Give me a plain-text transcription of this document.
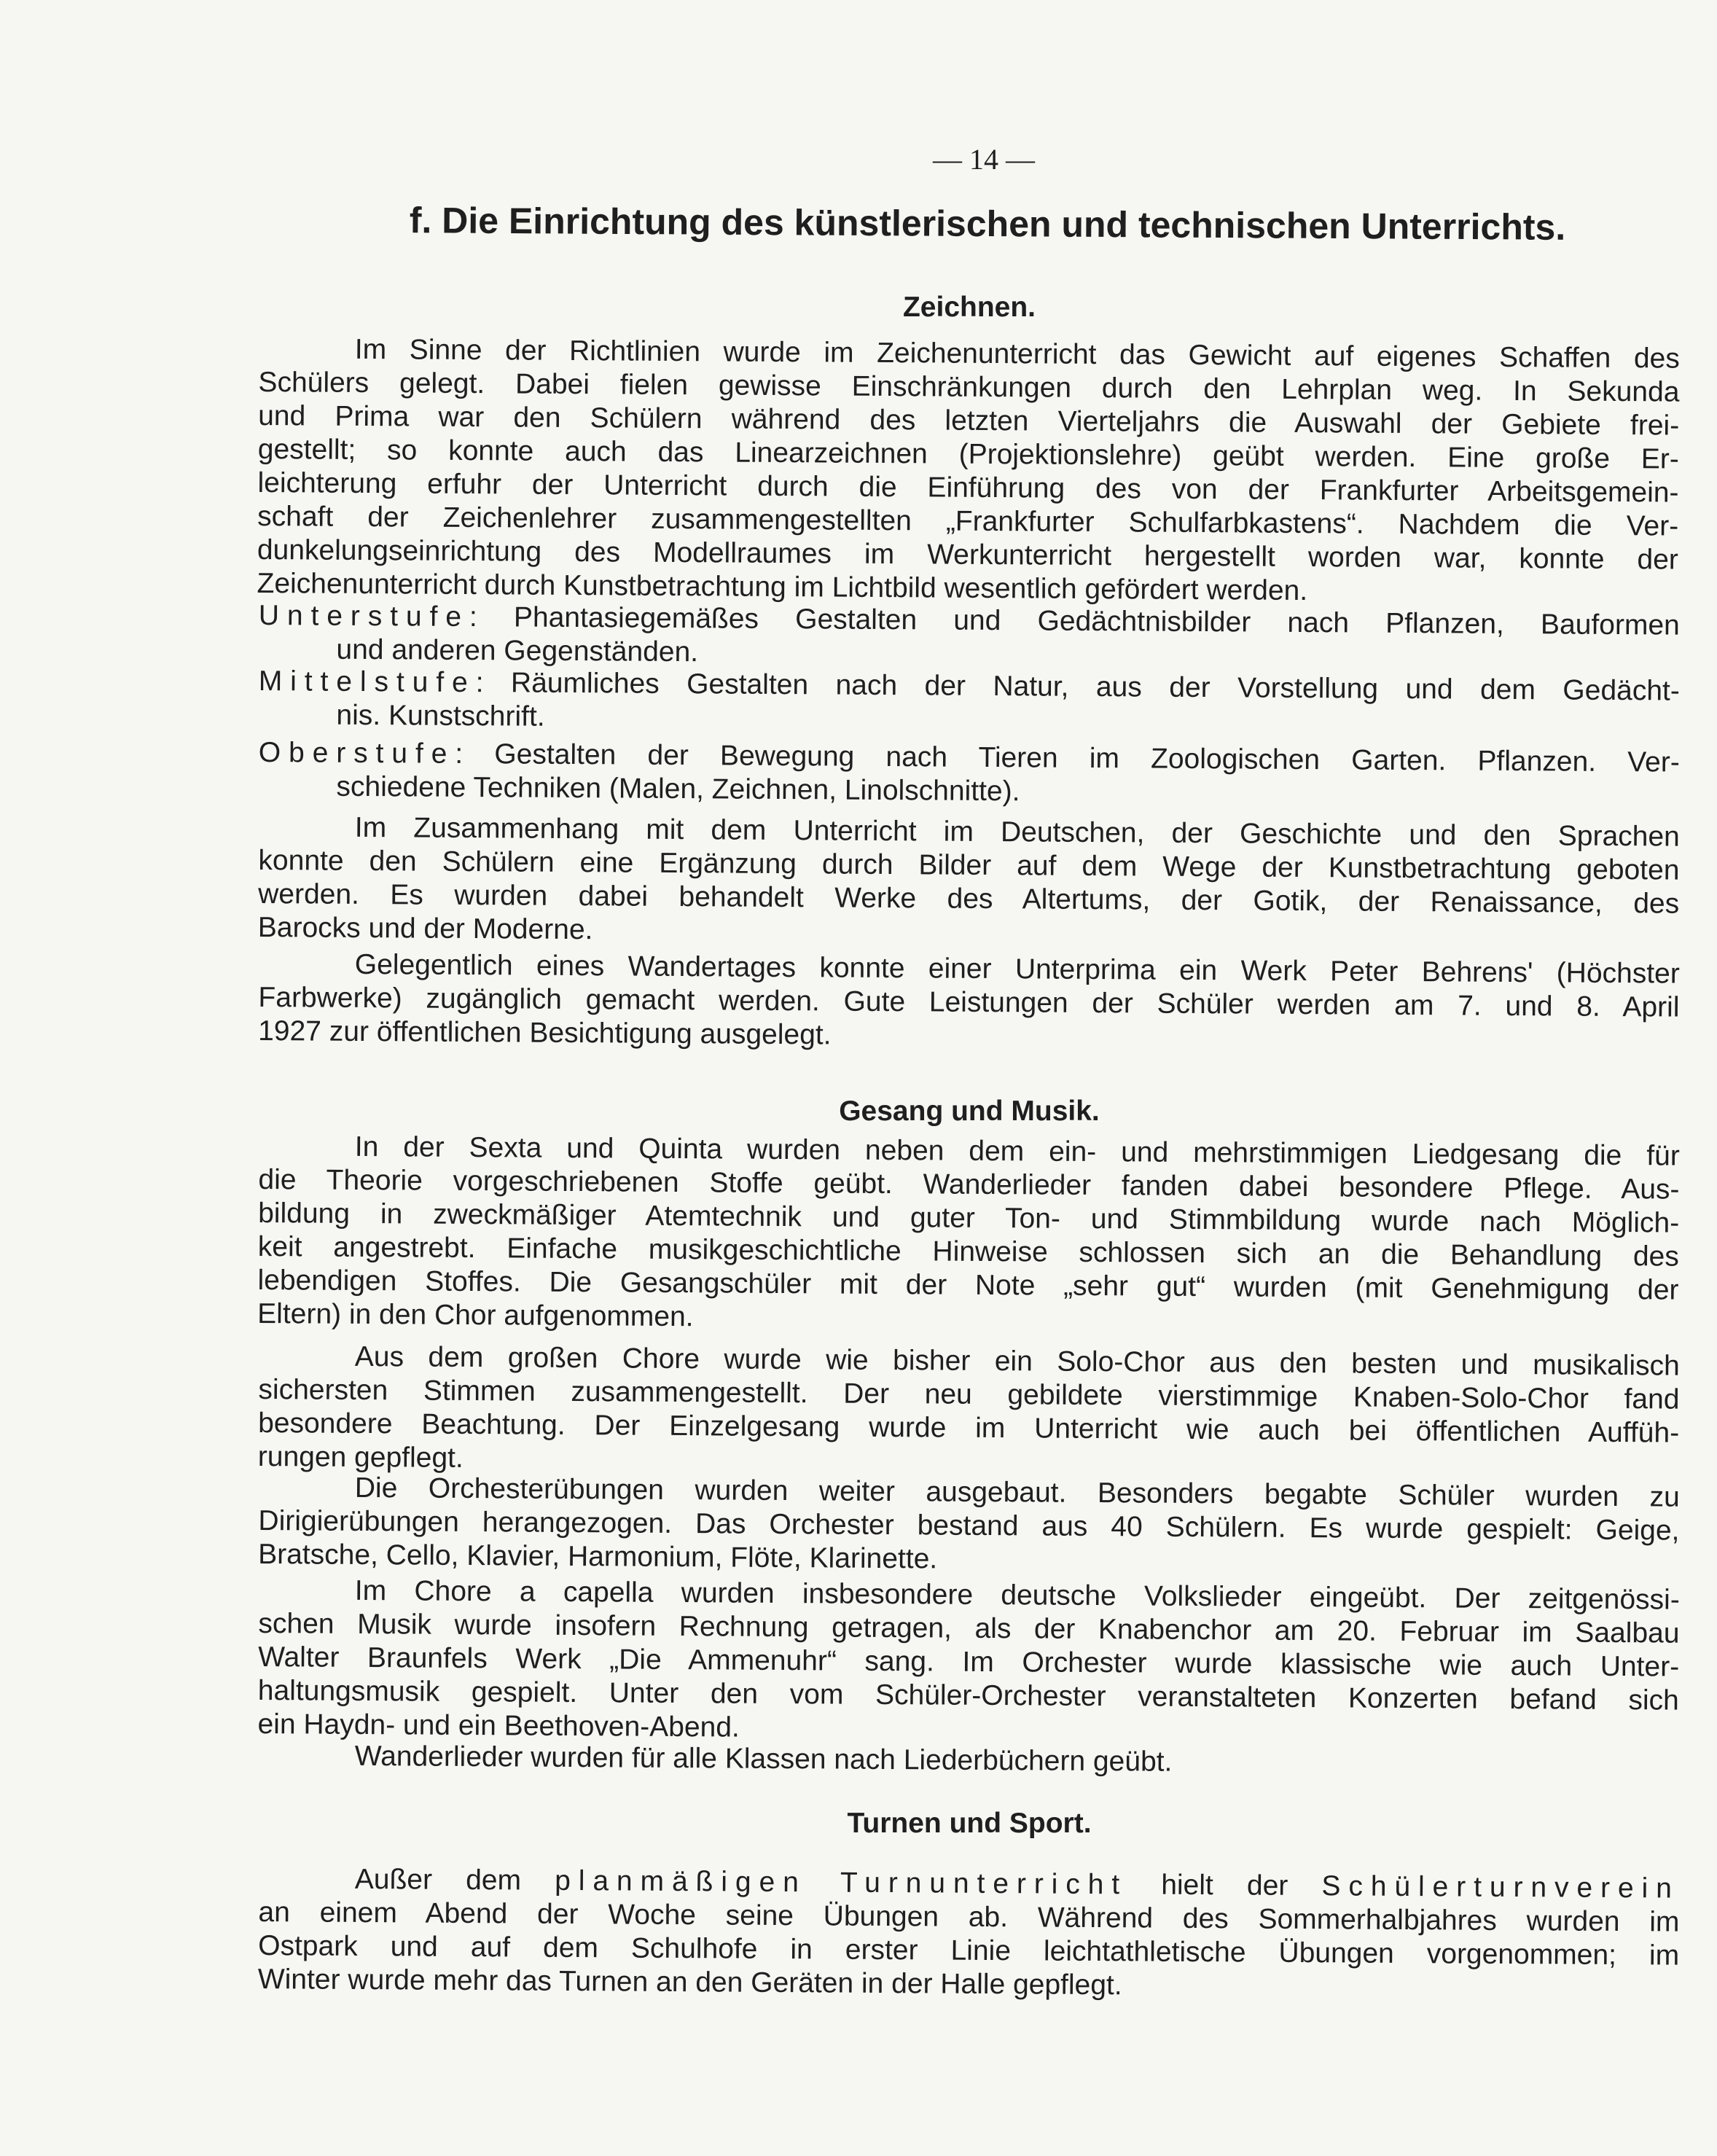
— 14 —
f. Die Einrichtung des künstlerischen und technischen Unterrichts.
Zeichnen.
Im Sinne der Richtlinien wurde im Zeichenunterricht das Gewicht auf eigenes Schaffen des
Schülers gelegt. Dabei fielen gewisse Einschränkungen durch den Lehrplan weg. In Sekunda
und Prima war den Schülern während des letzten Vierteljahrs die Auswahl der Gebiete frei-
gestellt; so konnte auch das Linearzeichnen (Projektionslehre) geübt werden. Eine große Er-
leichterung erfuhr der Unterricht durch die Einführung des von der Frankfurter Arbeitsgemein-
schaft der Zeichenlehrer zusammengestellten „Frankfurter Schulfarbkastens“. Nachdem die Ver-
dunkelungseinrichtung des Modellraumes im Werkunterricht hergestellt worden war, konnte der
Zeichenunterricht durch Kunstbetrachtung im Lichtbild wesentlich gefördert werden.
Unterstufe: Phantasiegemäßes Gestalten und Gedächtnisbilder nach Pflanzen, Bauformen
und anderen Gegenständen.
Mittelstufe: Räumliches Gestalten nach der Natur, aus der Vorstellung und dem Gedächt-
nis. Kunstschrift.
Oberstufe: Gestalten der Bewegung nach Tieren im Zoologischen Garten. Pflanzen. Ver-
schiedene Techniken (Malen, Zeichnen, Linolschnitte).
Im Zusammenhang mit dem Unterricht im Deutschen, der Geschichte und den Sprachen
konnte den Schülern eine Ergänzung durch Bilder auf dem Wege der Kunstbetrachtung geboten
werden. Es wurden dabei behandelt Werke des Altertums, der Gotik, der Renaissance, des
Barocks und der Moderne.
Gelegentlich eines Wandertages konnte einer Unterprima ein Werk Peter Behrens' (Höchster
Farbwerke) zugänglich gemacht werden. Gute Leistungen der Schüler werden am 7. und 8. April
1927 zur öffentlichen Besichtigung ausgelegt.
Gesang und Musik.
In der Sexta und Quinta wurden neben dem ein- und mehrstimmigen Liedgesang die für
die Theorie vorgeschriebenen Stoffe geübt. Wanderlieder fanden dabei besondere Pflege. Aus-
bildung in zweckmäßiger Atemtechnik und guter Ton- und Stimmbildung wurde nach Möglich-
keit angestrebt. Einfache musikgeschichtliche Hinweise schlossen sich an die Behandlung des
lebendigen Stoffes. Die Gesangschüler mit der Note „sehr gut“ wurden (mit Genehmigung der
Eltern) in den Chor aufgenommen.
Aus dem großen Chore wurde wie bisher ein Solo-Chor aus den besten und musikalisch
sichersten Stimmen zusammengestellt. Der neu gebildete vierstimmige Knaben-Solo-Chor fand
besondere Beachtung. Der Einzelgesang wurde im Unterricht wie auch bei öffentlichen Auffüh-
rungen gepflegt.
Die Orchesterübungen wurden weiter ausgebaut. Besonders begabte Schüler wurden zu
Dirigierübungen herangezogen. Das Orchester bestand aus 40 Schülern. Es wurde gespielt: Geige,
Bratsche, Cello, Klavier, Harmonium, Flöte, Klarinette.
Im Chore a capella wurden insbesondere deutsche Volkslieder eingeübt. Der zeitgenössi-
schen Musik wurde insofern Rechnung getragen, als der Knabenchor am 20. Februar im Saalbau
Walter Braunfels Werk „Die Ammenuhr“ sang. Im Orchester wurde klassische wie auch Unter-
haltungsmusik gespielt. Unter den vom Schüler-Orchester veranstalteten Konzerten befand sich
ein Haydn- und ein Beethoven-Abend.
Wanderlieder wurden für alle Klassen nach Liederbüchern geübt.
Turnen und Sport.
Außer dem planmäßigen Turnunterricht hielt der Schülerturnverein
an einem Abend der Woche seine Übungen ab. Während des Sommerhalbjahres wurden im
Ostpark und auf dem Schulhofe in erster Linie leichtathletische Übungen vorgenommen; im
Winter wurde mehr das Turnen an den Geräten in der Halle gepflegt.
